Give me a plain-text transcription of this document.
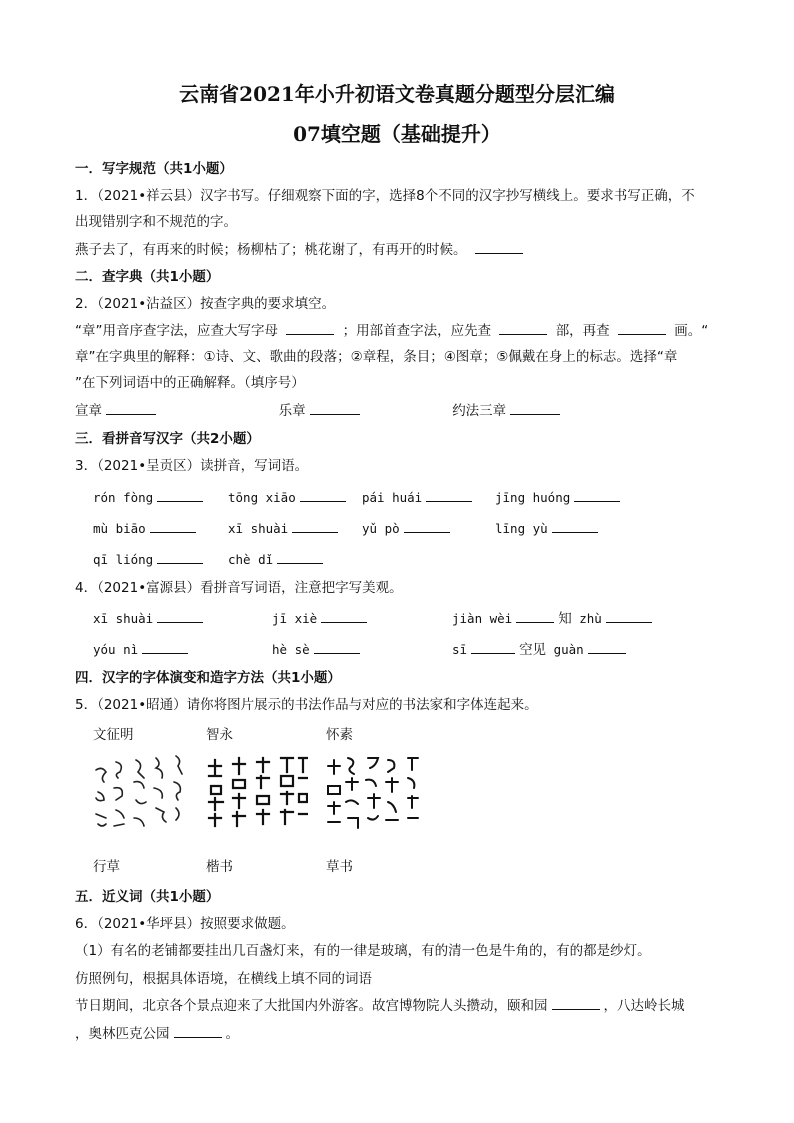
云南省2021年小升初语文卷真题分题型分层汇编
07填空题（基础提升）
一．写字规范（共1小题）
1．（2021•祥云县）汉字书写。仔细观察下面的字，选择8个不同的汉字抄写横线上。要求书写正确，不
出现错别字和不规范的字。
燕子去了，有再来的时候；杨柳枯了；桃花谢了，有再开的时候。
二．查字典（共1小题）
2．（2021•沾益区）按查字典的要求填空。
“章”用音序查字法，应查大写字母	；用部首查字法，应先查	部，再查	画。“
章”在字典里的解释：①诗、文、歌曲的段落；②章程，条目；④图章；⑤佩戴在身上的标志。选择“章
”在下列词语中的正确解释。（填序号）
宣章	乐章	约法三章
三．看拼音写汉字（共2小题）
3．（2021•呈贡区）读拼音，写词语。
rón fòng	tōng xiāo	pái huái	jīng huóng
mù biāo	xī shuài	yǔ pò	līng yù
qī lióng	chè dǐ
4．（2021•富源县）看拼音写词语，注意把字写美观。
xī shuài	jī xiè	jiàn wèi	知 zhù
yóu nì	hè sè	sī	空见 guàn
四．汉字的字体演变和造字方法（共1小题）
5．（2021•昭通）请你将图片展示的书法作品与对应的书法家和字体连起来。
文征明	智永	怀素
行草	楷书	草书
五．近义词（共1小题）
6．（2021•华坪县）按照要求做题。
（1）有名的老铺都要挂出几百盏灯来，有的一律是玻璃，有的清一色是牛角的，有的都是纱灯。
仿照例句，根据具体语境，在横线上填不同的词语
节日期间，北京各个景点迎来了大批国内外游客。故宫博物院人头攒动，颐和园	，八达岭长城
，奥林匹克公园	。
